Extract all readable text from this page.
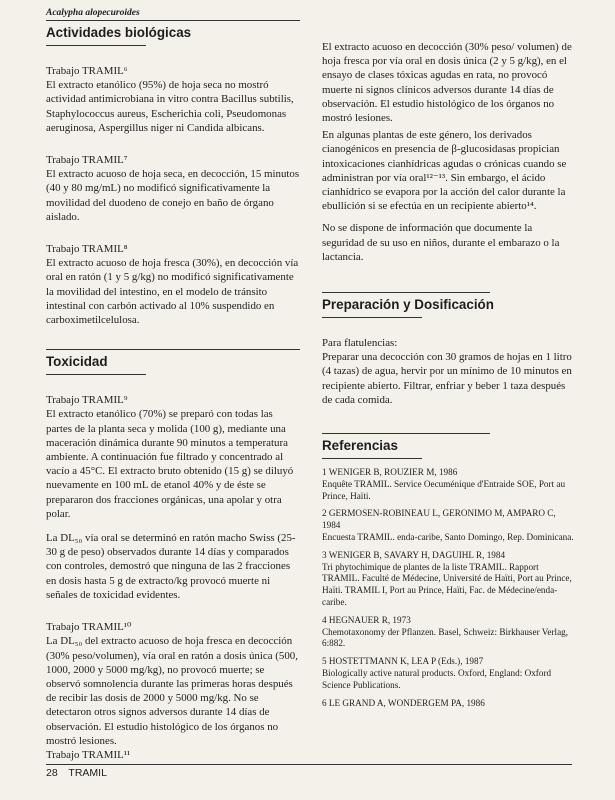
Acalypha alopecuroides
Actividades biológicas

Trabajo TRAMIL⁶
El extracto etanólico (95%) de hoja seca no mostró actividad antimicrobiana in vitro contra Bacillus subtilis, Staphylococcus aureus, Escherichia coli, Pseudomonas aeruginosa, Aspergillus niger ni Candida albicans.

Trabajo TRAMIL⁷
El extracto acuoso de hoja seca, en decocción, 15 minutos (40 y 80 mg/mL) no modificó significativamente la movilidad del duodeno de conejo en baño de órgano aislado.

Trabajo TRAMIL⁸
El extracto acuoso de hoja fresca (30%), en decocción vía oral en ratón (1 y 5 g/kg) no modificó significativamente la movilidad del intestino, en el modelo de tránsito intestinal con carbón activado al 10% suspendido en carboximetilcelulosa.

Toxicidad

Trabajo TRAMIL⁹
El extracto etanólico (70%) se preparó con todas las partes de la planta seca y molida (100 g), mediante una maceración dinámica durante 90 minutos a temperatura ambiente. A continuación fue filtrado y concentrado al vacío a 45°C. El extracto bruto obtenido (15 g) se diluyó nuevamente en 100 mL de etanol 40% y de éste se prepararon dos fracciones orgánicas, una apolar y otra polar.

La DL₅₀ vía oral se determinó en ratón macho Swiss (25-30 g de peso) observados durante 14 días y comparados con controles, demostró que ninguna de las 2 fracciones en dosis hasta 5 g de extracto/kg provocó muerte ni señales de toxicidad evidentes.

Trabajo TRAMIL¹⁰
La DL₅₀ del extracto acuoso de hoja fresca en decocción (30% peso/volumen), vía oral en ratón a dosis única (500, 1000, 2000 y 5000 mg/kg), no provocó muerte; se observó somnolencia durante las primeras horas después de recibir las dosis de 2000 y 5000 mg/kg. No se detectaron otros signos adversos durante 14 días de observación. El estudio histológico de los órganos no mostró lesiones.
Trabajo TRAMIL¹¹

El extracto acuoso en decocción (30% peso/ volumen) de hoja fresca por vía oral en dosis única (2 y 5 g/kg), en el ensayo de clases tóxicas agudas en rata, no provocó muerte ni signos clínicos adversos durante 14 días de observación. El estudio histológico de los órganos no mostró lesiones.

En algunas plantas de este género, los derivados cianogénicos en presencia de β-glucosidasas propician intoxicaciones cianhídricas agudas o crónicas cuando se administran por vía oral¹²⁻¹³. Sin embargo, el ácido cianhídrico se evapora por la acción del calor durante la ebullición si se efectúa en un recipiente abierto¹⁴.

No se dispone de información que documente la seguridad de su uso en niños, durante el embarazo o la lactancia.

Preparación y Dosificación

Para flatulencias:
Preparar una decocción con 30 gramos de hojas en 1 litro (4 tazas) de agua, hervir por un mínimo de 10 minutos en recipiente abierto. Filtrar, enfriar y beber 1 taza después de cada comida.

Referencias
1 WENIGER B, ROUZIER M, 1986
Enquête TRAMIL. Service Oecuménique d'Entraide SOE, Port au Prince, Haïti.
2 GERMOSEN-ROBINEAU L, GERONIMO M, AMPARO C, 1984
Encuesta TRAMIL. enda-caribe, Santo Domingo, Rep. Dominicana.
3 WENIGER B, SAVARY H, DAGUIHL R, 1984
Tri phytochimique de plantes de la liste TRAMIL. Rapport TRAMIL. Faculté de Médecine, Université de Haïti, Port au Prince, Haïti. TRAMIL I, Port au Prince, Haïti, Fac. de Médecine/enda-caribe.
4 HEGNAUER R, 1973
Chemotaxonomy der Pflanzen. Basel, Schweiz: Birkhauser Verlag, 6:882.
5 HOSTETTMANN K, LEA P (Eds.), 1987
Biologically active natural products. Oxford, England: Oxford Science Publications.
6 LE GRAND A, WONDERGEM PA, 1986
28 TRAMIL
